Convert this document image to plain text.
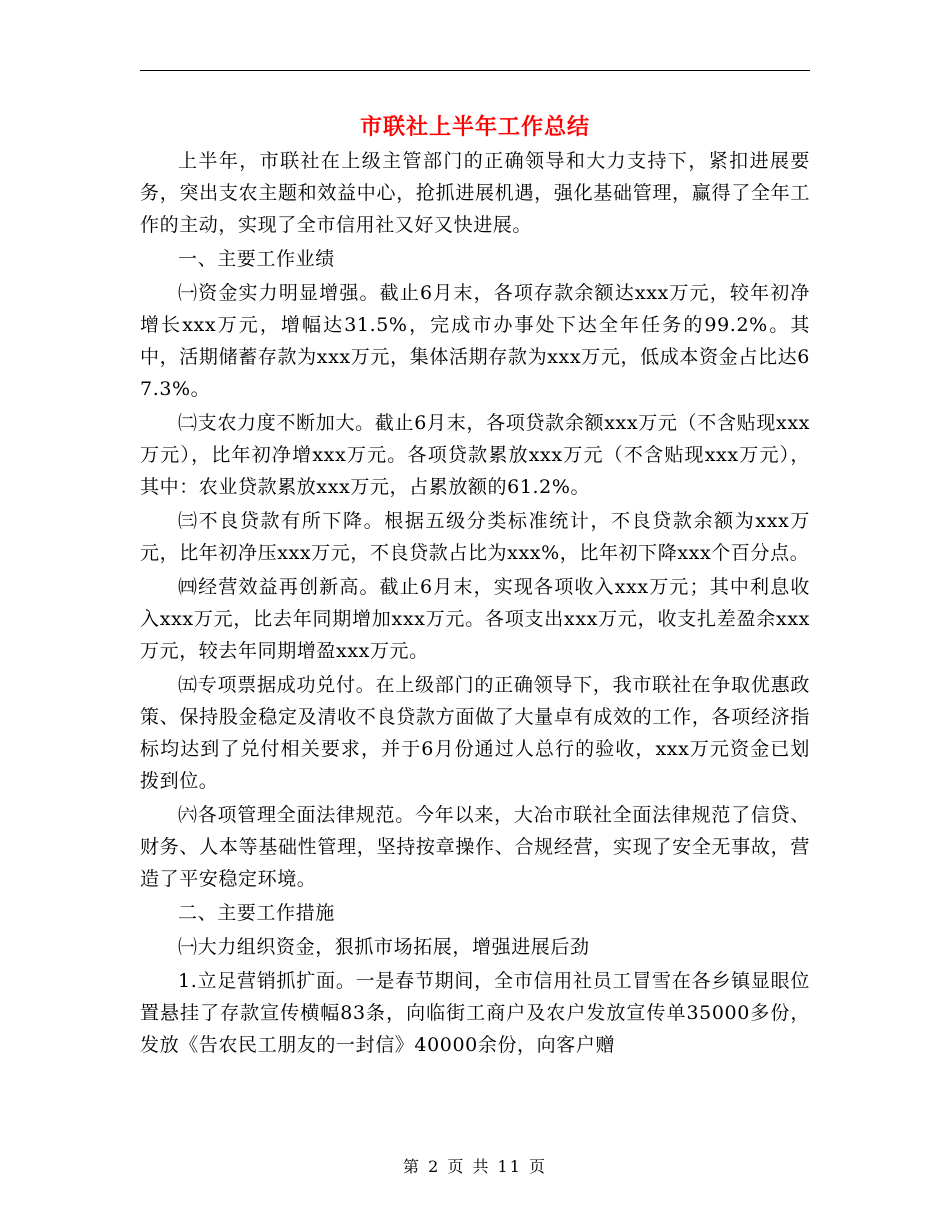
市联社上半年工作总结

上半年，市联社在上级主管部门的正确领导和大力支持下，紧扣进展要务，突出支农主题和效益中心，抢抓进展机遇，强化基础管理，赢得了全年工作的主动，实现了全市信用社又好又快进展。

一、主要工作业绩

㈠资金实力明显增强。截止6月末，各项存款余额达xxx万元，较年初净增长xxx万元，增幅达31.5%，完成市办事处下达全年任务的99.2%。其中，活期储蓄存款为xxx万元，集体活期存款为xxx万元，低成本资金占比达67.3%。

㈡支农力度不断加大。截止6月末，各项贷款余额xxx万元（不含贴现xxx万元），比年初净增xxx万元。各项贷款累放xxx万元（不含贴现xxx万元），其中：农业贷款累放xxx万元，占累放额的61.2%。

㈢不良贷款有所下降。根据五级分类标准统计，不良贷款余额为xxx万元，比年初净压xxx万元，不良贷款占比为xxx%，比年初下降xxx个百分点。

㈣经营效益再创新高。截止6月末，实现各项收入xxx万元；其中利息收入xxx万元，比去年同期增加xxx万元。各项支出xxx万元，收支扎差盈余xxx万元，较去年同期增盈xxx万元。

㈤专项票据成功兑付。在上级部门的正确领导下，我市联社在争取优惠政策、保持股金稳定及清收不良贷款方面做了大量卓有成效的工作，各项经济指标均达到了兑付相关要求，并于6月份通过人总行的验收，xxx万元资金已划拨到位。

㈥各项管理全面法律规范。今年以来，大冶市联社全面法律规范了信贷、财务、人本等基础性管理，坚持按章操作、合规经营，实现了安全无事故，营造了平安稳定环境。

二、主要工作措施

㈠大力组织资金，狠抓市场拓展，增强进展后劲

1.立足营销抓扩面。一是春节期间，全市信用社员工冒雪在各乡镇显眼位置悬挂了存款宣传横幅83条，向临街工商户及农户发放宣传单35000多份，发放《告农民工朋友的一封信》40000余份，向客户赠

第 2 页 共 11 页
